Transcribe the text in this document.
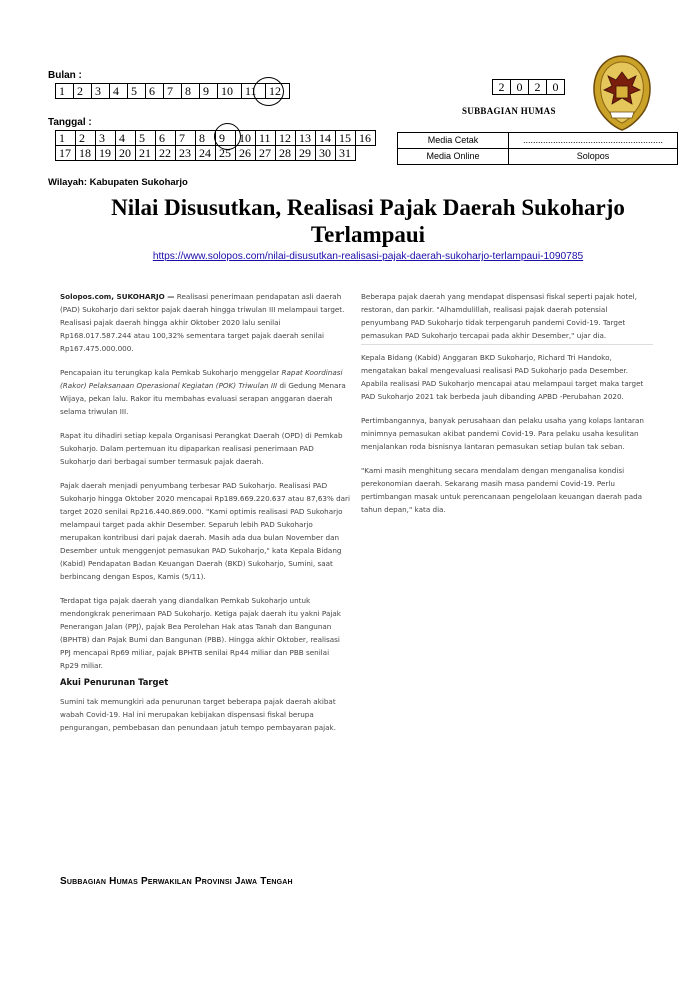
Bulan :
1	2	3	4	5	6	7	8	9	10	11	12
Tanggal :
1	2	3	4	5	6	7	8	9	10	11	12	13	14	15	16
17	18	19	20	21	22	23	24	25	26	27	28	29	30	31	
2	0	2	0
SUBBAGIAN HUMAS
Media Cetak	........................................................
Media Online	Solopos
Wilayah: Kabupaten Sukoharjo
Nilai Disusutkan, Realisasi Pajak Daerah Sukoharjo Terlampaui
https://www.solopos.com/nilai-disusutkan-realisasi-pajak-daerah-sukoharjo-terlampaui-1090785

Solopos.com, SUKOHARJO — Realisasi penerimaan pendapatan asli daerah (PAD) Sukoharjo dari sektor pajak daerah hingga triwulan III melampaui target. Realisasi pajak daerah hingga akhir Oktober 2020 lalu senilai Rp168.017.587.244 atau 100,32% sementara target pajak daerah senilai Rp167.475.000.000.

Pencapaian itu terungkap kala Pemkab Sukoharjo menggelar Rapat Koordinasi (Rakor) Pelaksanaan Operasional Kegiatan (POK) Triwulan III di Gedung Menara Wijaya, pekan lalu. Rakor itu membahas evaluasi serapan anggaran daerah selama triwulan III.

Rapat itu dihadiri setiap kepala Organisasi Perangkat Daerah (OPD) di Pemkab Sukoharjo. Dalam pertemuan itu dipaparkan realisasi penerimaan PAD Sukoharjo dari berbagai sumber termasuk pajak daerah.

Pajak daerah menjadi penyumbang terbesar PAD Sukoharjo. Realisasi PAD Sukoharjo hingga Oktober 2020 mencapai Rp189.669.220.637 atau 87,63% dari target 2020 senilai Rp216.440.869.000. "Kami optimis realisasi PAD Sukoharjo melampaui target pada akhir Desember. Separuh lebih PAD Sukoharjo merupakan kontribusi dari pajak daerah. Masih ada dua bulan November dan Desember untuk menggenjot pemasukan PAD Sukoharjo," kata Kepala Bidang (Kabid) Pendapatan Badan Keuangan Daerah (BKD) Sukoharjo, Sumini, saat berbincang dengan Espos, Kamis (5/11).

Terdapat tiga pajak daerah yang diandalkan Pemkab Sukoharjo untuk mendongkrak penerimaan PAD Sukoharjo. Ketiga pajak daerah itu yakni Pajak Penerangan Jalan (PPJ), pajak Bea Perolehan Hak atas Tanah dan Bangunan (BPHTB) dan Pajak Bumi dan Bangunan (PBB). Hingga akhir Oktober, realisasi PPJ mencapai Rp69 miliar, pajak BPHTB senilai Rp44 miliar dan PBB senilai Rp29 miliar.

Akui Penurunan Target

Sumini tak memungkiri ada penurunan target beberapa pajak daerah akibat wabah Covid-19. Hal ini merupakan kebijakan dispensasi fiskal berupa pengurangan, pembebasan dan penundaan jatuh tempo pembayaran pajak.

Beberapa pajak daerah yang mendapat dispensasi fiskal seperti pajak hotel, restoran, dan parkir. "Alhamdulillah, realisasi pajak daerah potensial penyumbang PAD Sukoharjo tidak terpengaruh pandemi Covid-19. Target pemasukan PAD Sukoharjo tercapai pada akhir Desember," ujar dia.

Kepala Bidang (Kabid) Anggaran BKD Sukoharjo, Richard Tri Handoko, mengatakan bakal mengevaluasi realisasi PAD Sukoharjo pada Desember. Apabila realisasi PAD Sukoharjo mencapai atau melampaui target maka target PAD Sukoharjo 2021 tak berbeda jauh dibanding APBD -Perubahan 2020.

Pertimbangannya, banyak perusahaan dan pelaku usaha yang kolaps lantaran minimnya pemasukan akibat pandemi Covid-19. Para pelaku usaha kesulitan menjalankan roda bisnisnya lantaran pemasukan setiap bulan tak seban.

"Kami masih menghitung secara mendalam dengan menganalisa kondisi perekonomian daerah. Sekarang masih masa pandemi Covid-19. Perlu pertimbangan masak untuk perencanaan pengelolaan keuangan daerah pada tahun depan," kata dia.

Subbagian Humas Perwakilan Provinsi Jawa Tengah
